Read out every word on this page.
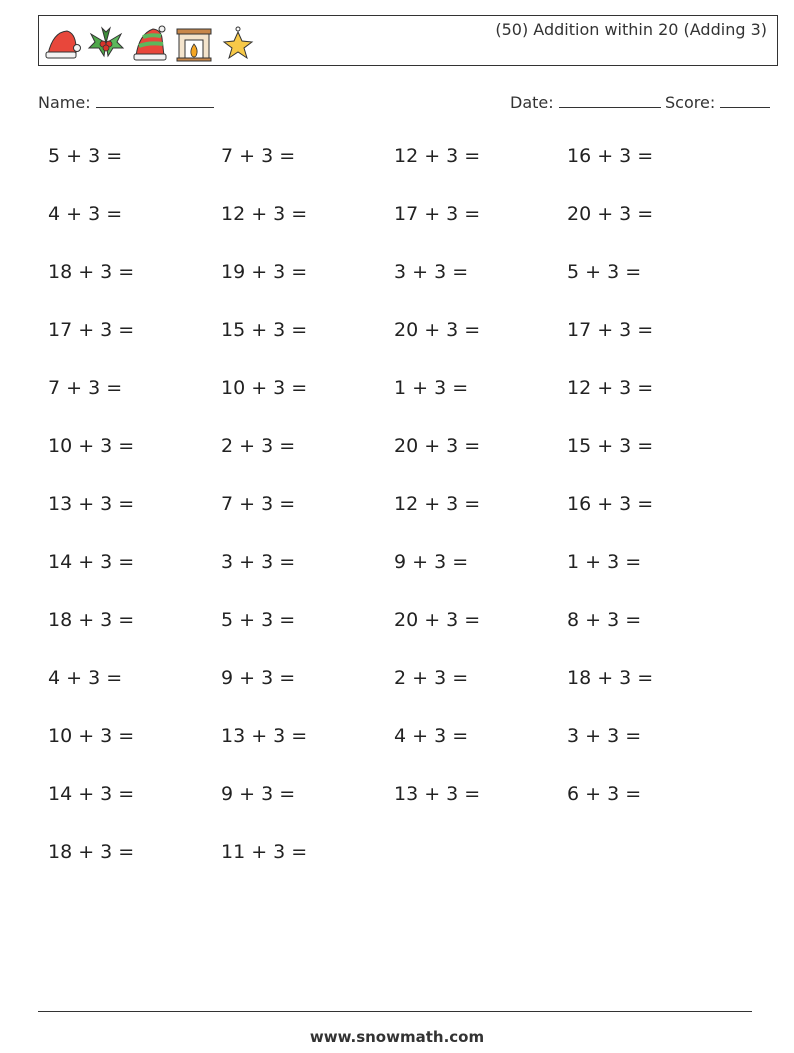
(50) Addition within 20 (Adding 3)
Name:	Date:	Score:
5 + 3 =	7 + 3 =	12 + 3 =	16 + 3 =
4 + 3 =	12 + 3 =	17 + 3 =	20 + 3 =
18 + 3 =	19 + 3 =	3 + 3 =	5 + 3 =
17 + 3 =	15 + 3 =	20 + 3 =	17 + 3 =
7 + 3 =	10 + 3 =	1 + 3 =	12 + 3 =
10 + 3 =	2 + 3 =	20 + 3 =	15 + 3 =
13 + 3 =	7 + 3 =	12 + 3 =	16 + 3 =
14 + 3 =	3 + 3 =	9 + 3 =	1 + 3 =
18 + 3 =	5 + 3 =	20 + 3 =	8 + 3 =
4 + 3 =	9 + 3 =	2 + 3 =	18 + 3 =
10 + 3 =	13 + 3 =	4 + 3 =	3 + 3 =
14 + 3 =	9 + 3 =	13 + 3 =	6 + 3 =
18 + 3 =	11 + 3 =
www.snowmath.com
